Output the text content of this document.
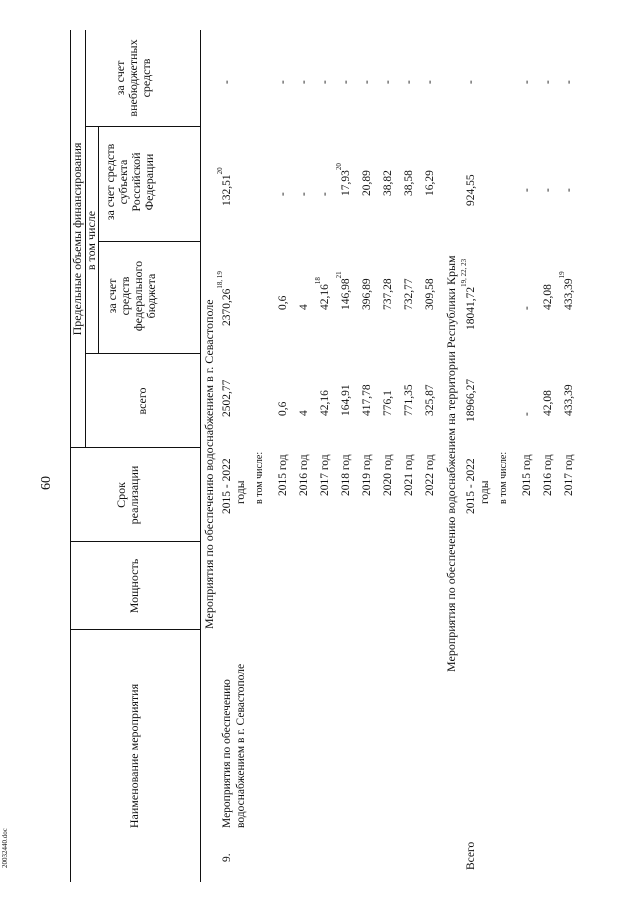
60
20032440.doc
Наименование мероприятия
Мощность
Срок реализации
Предельные объемы финансирования
всего
в том числе
за счет средств федерального бюджета
за счет средств субъекта Российской Федерации
за счет внебюджетных средств
Мероприятия по обеспечению водоснабжением в г. Севастополе
9.
Мероприятия по обеспечению водоснабжением в г. Севастополе
2015 - 2022 годы
2502,77
2370,26$^{18, 19}$
132,51$^{20}$
-
в том числе: 2015 год
0,6
0,6
-
-
2016 год
4
4
-
-
2017 год
42,16
42,16$^{18}$
-
-
2018 год
164,91
146,98$^{21}$
17,93$^{20}$
-
2019 год
417,78
396,89
20,89
-
2020 год
776,1
737,28
38,82
-
2021 год
771,35
732,77
38,58
-
2022 год
325,87
309,58
16,29
-
Мероприятия по обеспечению водоснабжением на территории Республики Крым
Всего
2015 - 2022 годы
18966,27
18041,72$^{19, 22, 23}$
924,55
-
в том числе: 2015 год
-
-
-
-
2016 год
42,08
42,08
-
-
2017 год
433,39
433,39$^{19}$
-
-
